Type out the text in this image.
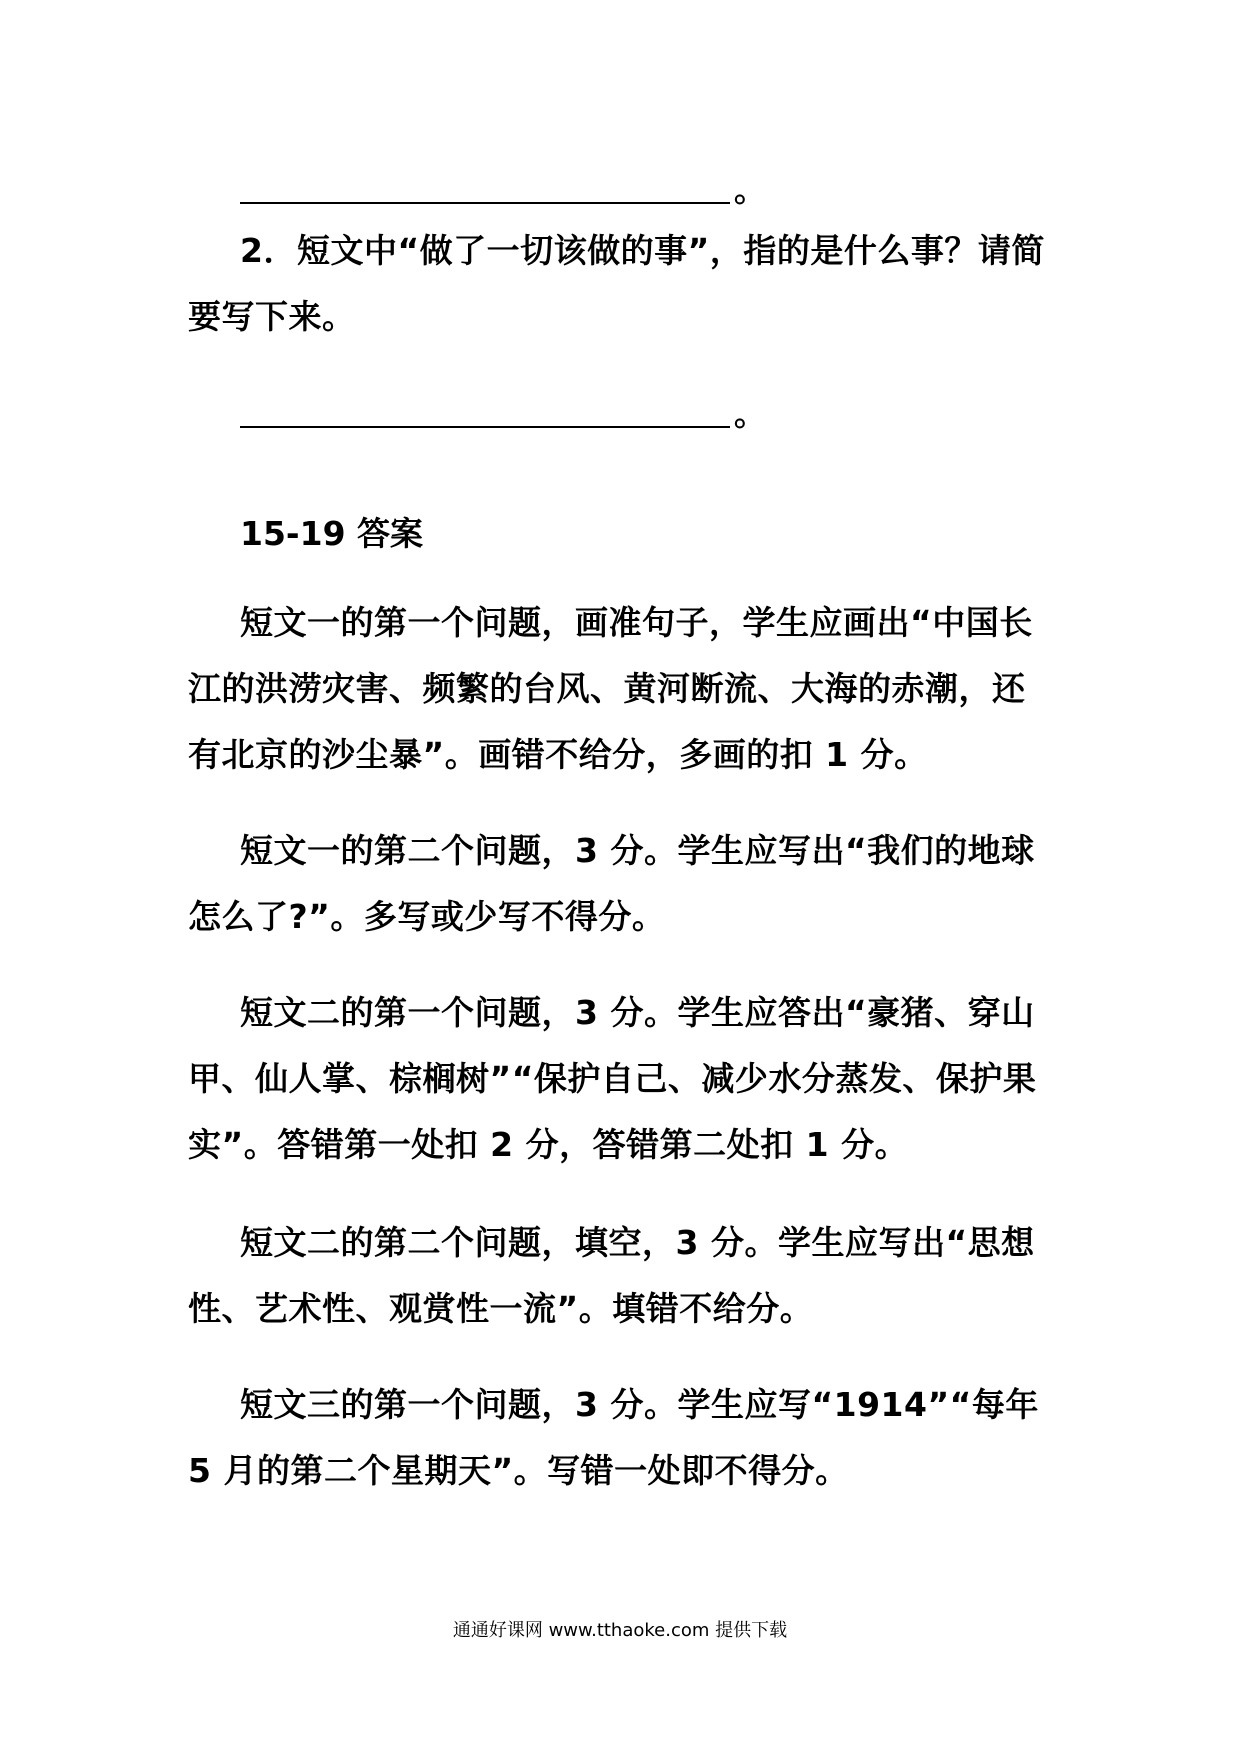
。

2．短文中“做了一切该做的事”，指的是什么事？请简要写下来。

。

15-19 答案

短文一的第一个问题，画准句子，学生应画出“中国长江的洪涝灾害、频繁的台风、黄河断流、大海的赤潮，还有北京的沙尘暴”。画错不给分，多画的扣 1 分。

短文一的第二个问题，3 分。学生应写出“我们的地球怎么了?”。多写或少写不得分。

短文二的第一个问题，3 分。学生应答出“豪猪、穿山甲、仙人掌、棕榈树”“保护自己、减少水分蒸发、保护果实”。答错第一处扣 2 分，答错第二处扣 1 分。

短文二的第二个问题，填空，3 分。学生应写出“思想性、艺术性、观赏性一流”。填错不给分。

短文三的第一个问题，3 分。学生应写“1914”“每年 5 月的第二个星期天”。写错一处即不得分。

通通好课网 www.tthaoke.com 提供下载
